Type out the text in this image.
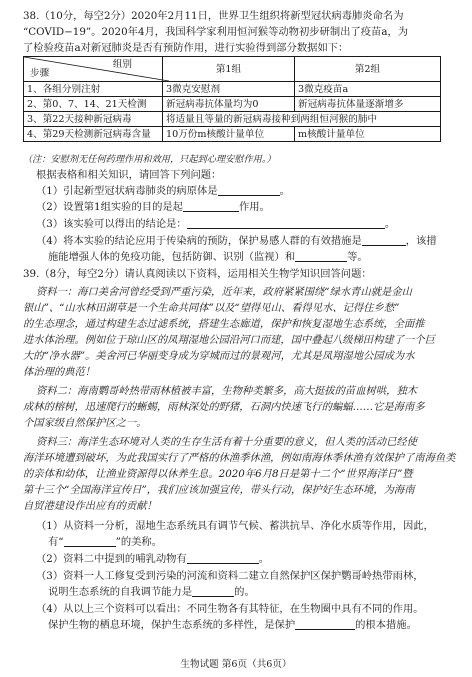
38.（10分，每空2分）2020年2月11日，世界卫生组织将新型冠状病毒肺炎命名为
“COVID−19”。2020年4月，我国科学家利用恒河猴等动物初步研制出了疫苗a，为
了检验疫苗a对新冠肺炎是否有预防作用，进行实验得到部分数据如下：
组别
步骤	第1组	第2组
1、各组分别注射	3微克安慰剂	3微克疫苗a
2、第0、7、14、21天检测	新冠病毒抗体量均为0	新冠病毒抗体量逐渐增多
3、第22天接种新冠病毒	将适量且等量的新冠病毒接种到两组恒河猴的肺中	
4、第29天检测新冠病毒含量	10万份m核酸计量单位	m核酸计量单位
（注：安慰剂无任何药理作用和效用，只起到心理安慰作用。）
根据表格和相关知识，请回答下列问题：
（1）引起新型冠状病毒肺炎的病原体是	。
（2）设置第1组实验的目的是起	作用。
（3）该实验可以得出的结论是：	。
（4）将本实验的结论应用于传染病的预防，保护易感人群的有效措施是	，该措
施能增强人体的免疫功能，包括防御、识别（监视）和	等。
39.（8分，每空2分）请认真阅读以下资料，运用相关生物学知识回答问题：
资料一：海口美舍河曾经受到严重污染，近年来，政府紧紧围绕“绿水青山就是金山
银山”、“山水林田湖草是一个生命共同体”以及“望得见山、看得见水、记得住乡愁”
的生态理念，通过构建生态过滤系统，搭建生态廊道，保护和恢复湿地生态系统，全面推
进水体治理。例如位于琼山区的凤翔湿地公园沿河口而建，国中叠起八级梯田构建了一个巨
大的“净水器”。美舍河已华丽变身成为穿城而过的景观河，尤其是凤翔湿地公园成为水
体治理的典范！
资料二：海南鹦哥岭热带雨林植被丰富，生物种类繁多，高大挺拔的苗血树哄，独木
成林的榕树，迅速爬行的蜥蜴，雨林深处的野猪，石洞内快速飞行的蝙蝠……它是海南多
个国家级自然保护区之一。
资料三：海洋生态环境对人类的生存生活有着十分重要的意义，但人类的活动已经使
海洋环境遭到破坏，为此我国实行了严格的休渔季休渔，例如南海休季休渔有效保护了南海鱼类
的亲体和幼体，让渔业资源得以休养生息。2020年6月8日是第十二个“世界海洋日”暨
第十三个“全国海洋宣传日”，我们应该加强宣传，带头行动，保护好生态环境，为海南
自贸港建设作出应有的贡献！
（1）从资料一分析，湿地生态系统具有调节气候、蓄洪抗旱、净化水质等作用，因此，
有“	”的美称。
（2）资料二中提到的哺乳动物有	。
（3）资料一人工修复受到污染的河流和资料二建立自然保护区保护鹦哥岭热带雨林，
说明生态系统的自我调节能力是	的。
（4）从以上三个资料可以看出：不同生物各有其特征，在生物圈中具有不同的作用。
保护生物的栖息环境，保护生态系统的多样性，是保护	的根本措施。
生物试题 第6页（共6页）
